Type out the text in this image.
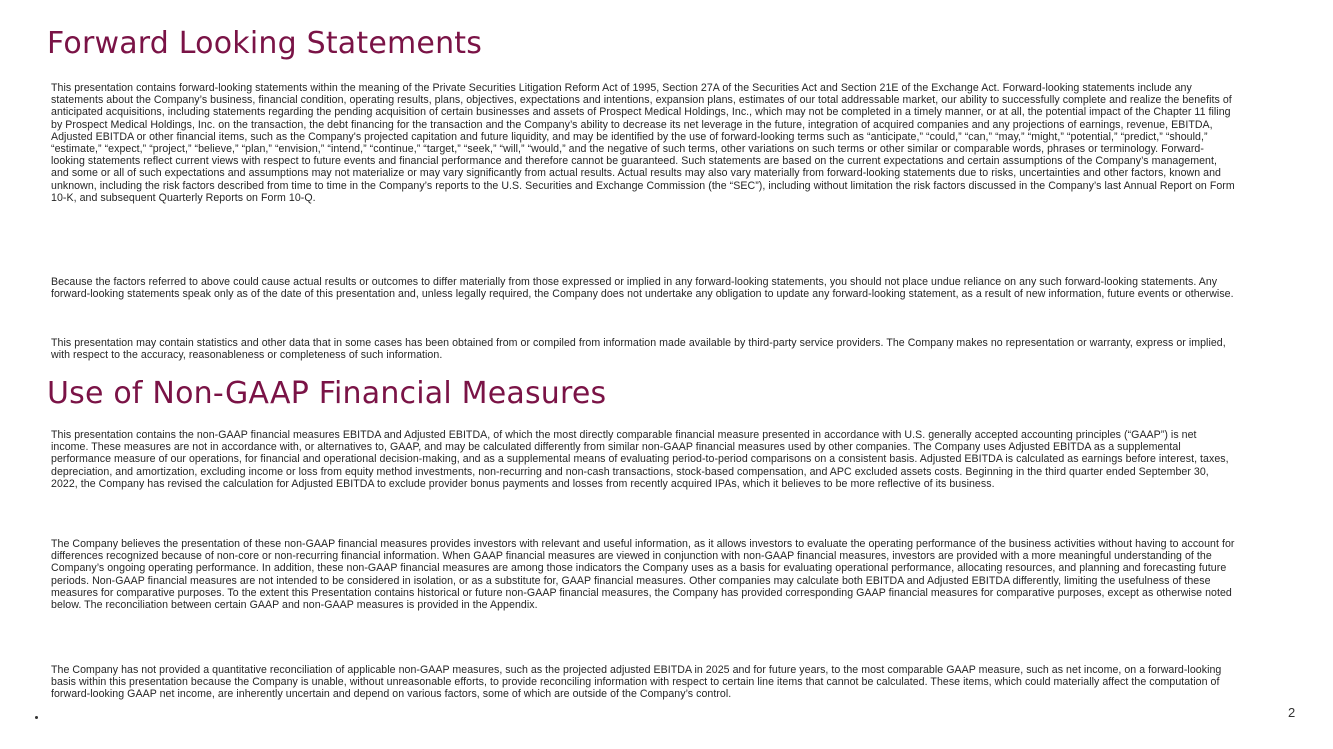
Forward Looking Statements

This presentation contains forward-looking statements within the meaning of the Private Securities Litigation Reform Act of 1995, Section 27A of the Securities Act and Section 21E of the Exchange Act. Forward-looking statements include any statements about the Company’s business, financial condition, operating results, plans, objectives, expectations and intentions, expansion plans, estimates of our total addressable market, our ability to successfully complete and realize the benefits of anticipated acquisitions, including statements regarding the pending acquisition of certain businesses and assets of Prospect Medical Holdings, Inc., which may not be completed in a timely manner, or at all, the potential impact of the Chapter 11 filing by Prospect Medical Holdings, Inc. on the transaction, the debt financing for the transaction and the Company’s ability to decrease its net leverage in the future, integration of acquired companies and any projections of earnings, revenue, EBITDA, Adjusted EBITDA or other financial items, such as the Company's projected capitation and future liquidity, and may be identified by the use of forward-looking terms such as “anticipate,” “could,” “can,” “may,” “might,” “potential,” “predict,” “should,” “estimate,” “expect,” “project,” “believe,” “plan,” “envision,” “intend,” “continue,” “target,” “seek,” “will,” “would,” and the negative of such terms, other variations on such terms or other similar or comparable words, phrases or terminology. Forward-looking statements reflect current views with respect to future events and financial performance and therefore cannot be guaranteed. Such statements are based on the current expectations and certain assumptions of the Company’s management, and some or all of such expectations and assumptions may not materialize or may vary significantly from actual results. Actual results may also vary materially from forward-looking statements due to risks, uncertainties and other factors, known and unknown, including the risk factors described from time to time in the Company’s reports to the U.S. Securities and Exchange Commission (the “SEC”), including without limitation the risk factors discussed in the Company’s last Annual Report on Form 10-K, and subsequent Quarterly Reports on Form 10-Q.

Because the factors referred to above could cause actual results or outcomes to differ materially from those expressed or implied in any forward-looking statements, you should not place undue reliance on any such forward-looking statements. Any forward-looking statements speak only as of the date of this presentation and, unless legally required, the Company does not undertake any obligation to update any forward-looking statement, as a result of new information, future events or otherwise.

This presentation may contain statistics and other data that in some cases has been obtained from or compiled from information made available by third-party service providers. The Company makes no representation or warranty, express or implied, with respect to the accuracy, reasonableness or completeness of such information.

Use of Non-GAAP Financial Measures

This presentation contains the non-GAAP financial measures EBITDA and Adjusted EBITDA, of which the most directly comparable financial measure presented in accordance with U.S. generally accepted accounting principles (“GAAP”) is net income. These measures are not in accordance with, or alternatives to, GAAP, and may be calculated differently from similar non-GAAP financial measures used by other companies. The Company uses Adjusted EBITDA as a supplemental performance measure of our operations, for financial and operational decision-making, and as a supplemental means of evaluating period-to-period comparisons on a consistent basis. Adjusted EBITDA is calculated as earnings before interest, taxes, depreciation, and amortization, excluding income or loss from equity method investments, non-recurring and non-cash transactions, stock-based compensation, and APC excluded assets costs. Beginning in the third quarter ended September 30, 2022, the Company has revised the calculation for Adjusted EBITDA to exclude provider bonus payments and losses from recently acquired IPAs, which it believes to be more reflective of its business.

The Company believes the presentation of these non-GAAP financial measures provides investors with relevant and useful information, as it allows investors to evaluate the operating performance of the business activities without having to account for differences recognized because of non-core or non-recurring financial information. When GAAP financial measures are viewed in conjunction with non-GAAP financial measures, investors are provided with a more meaningful understanding of the Company’s ongoing operating performance. In addition, these non-GAAP financial measures are among those indicators the Company uses as a basis for evaluating operational performance, allocating resources, and planning and forecasting future periods. Non-GAAP financial measures are not intended to be considered in isolation, or as a substitute for, GAAP financial measures. Other companies may calculate both EBITDA and Adjusted EBITDA differently, limiting the usefulness of these measures for comparative purposes. To the extent this Presentation contains historical or future non-GAAP financial measures, the Company has provided corresponding GAAP financial measures for comparative purposes, except as otherwise noted below. The reconciliation between certain GAAP and non-GAAP measures is provided in the Appendix.

The Company has not provided a quantitative reconciliation of applicable non-GAAP measures, such as the projected adjusted EBITDA in 2025 and for future years, to the most comparable GAAP measure, such as net income, on a forward-looking basis within this presentation because the Company is unable, without unreasonable efforts, to provide reconciling information with respect to certain line items that cannot be calculated. These items, which could materially affect the computation of forward-looking GAAP net income, are inherently uncertain and depend on various factors, some of which are outside of the Company’s control.

2
